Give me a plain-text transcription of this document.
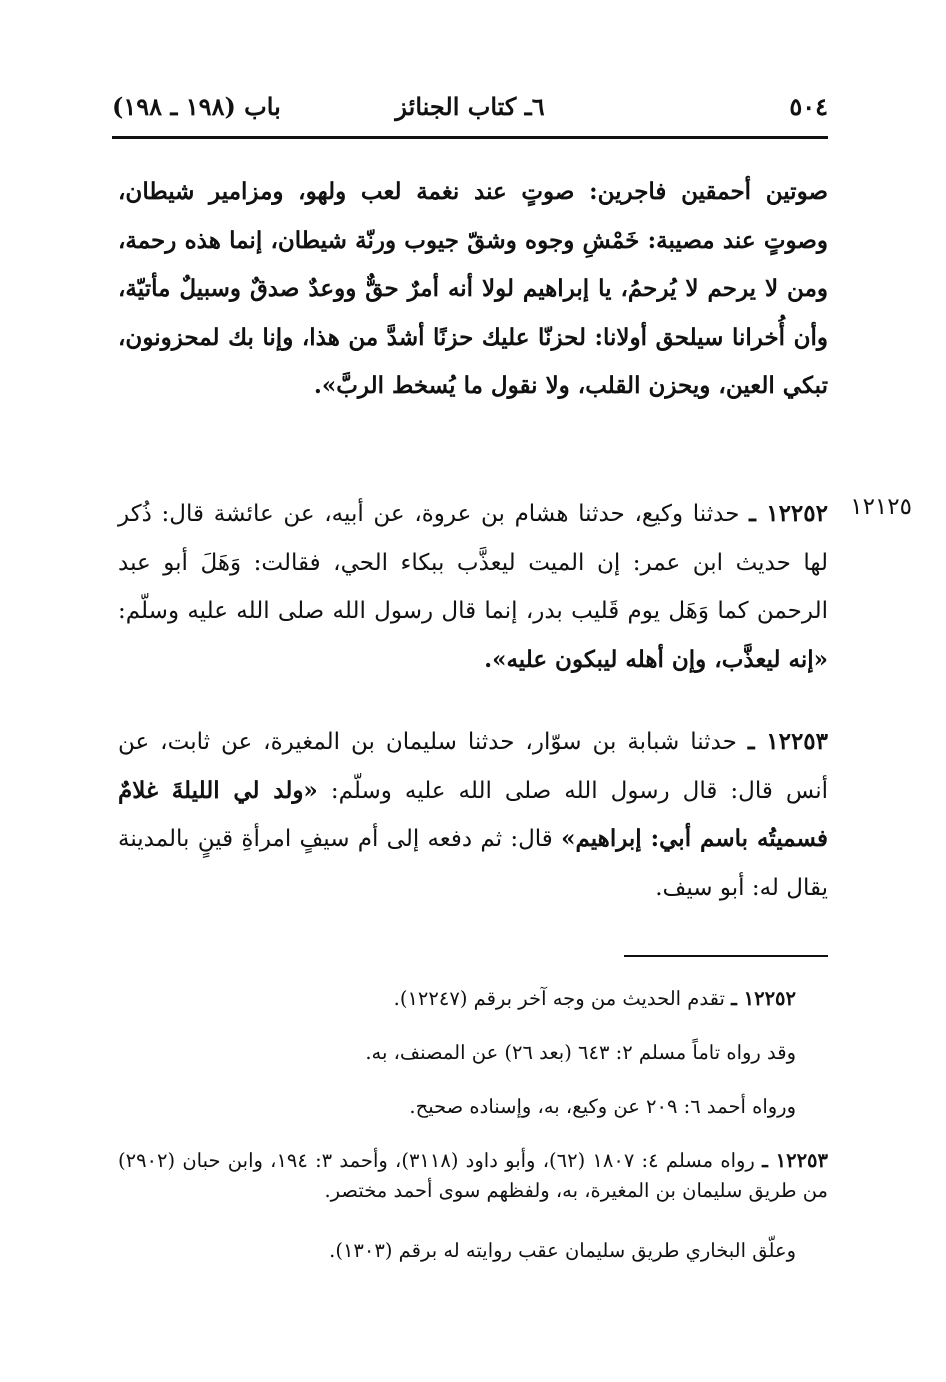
٥٠٤
٦ـ كتاب الجنائز
باب (١٩٨ ـ ١٩٨)
صوتين أحمقين فاجرين: صوتٍ عند نغمة لعب ولهو، ومزامير شيطان، وصوتٍ عند مصيبة: خَمْشِ وجوه وشقّ جيوب ورنّة شيطان، إنما هذه رحمة، ومن لا يرحم لا يُرحمُ، يا إبراهيم لولا أنه أمرٌ حقٌّ ووعدٌ صدقٌ وسبيلٌ مأتيّة، وأن أُخرانا سيلحق أولانا: لحزنّا عليك حزنًا أشدَّ من هذا، وإنا بك لمحزونون، تبكي العين، ويحزن القلب، ولا نقول ما يُسخط الربَّ».
١٢١٢٥
١٢٢٥٢ ـ حدثنا وكيع، حدثنا هشام بن عروة، عن أبيه، عن عائشة قال: ذُكر لها حديث ابن عمر: إن الميت ليعذَّب ببكاء الحي، فقالت: وَهَلَ أبو عبد الرحمن كما وَهَل يوم قَليب بدر، إنما قال رسول الله صلى الله عليه وسلّم: «إنه ليعذَّب، وإن أهله ليبكون عليه».
١٢٢٥٣ ـ حدثنا شبابة بن سوّار، حدثنا سليمان بن المغيرة، عن ثابت، عن أنس قال: قال رسول الله صلى الله عليه وسلّم: «ولد لي الليلةَ غلامٌ فسميتُه باسم أبي: إبراهيم» قال: ثم دفعه إلى أم سيفٍ امرأةِ قينٍ بالمدينة يقال له: أبو سيف.
١٢٢٥٢ ـ تقدم الحديث من وجه آخر برقم (١٢٢٤٧).
وقد رواه تاماً مسلم ٢: ٦٤٣ (بعد ٢٦) عن المصنف، به.
ورواه أحمد ٦: ٢٠٩ عن وكيع، به، وإسناده صحيح.
١٢٢٥٣ ـ رواه مسلم ٤: ١٨٠٧ (٦٢)، وأبو داود (٣١١٨)، وأحمد ٣: ١٩٤، وابن حبان (٢٩٠٢) من طريق سليمان بن المغيرة، به، ولفظهم سوى أحمد مختصر.
وعلّق البخاري طريق سليمان عقب روايته له برقم (١٣٠٣).
